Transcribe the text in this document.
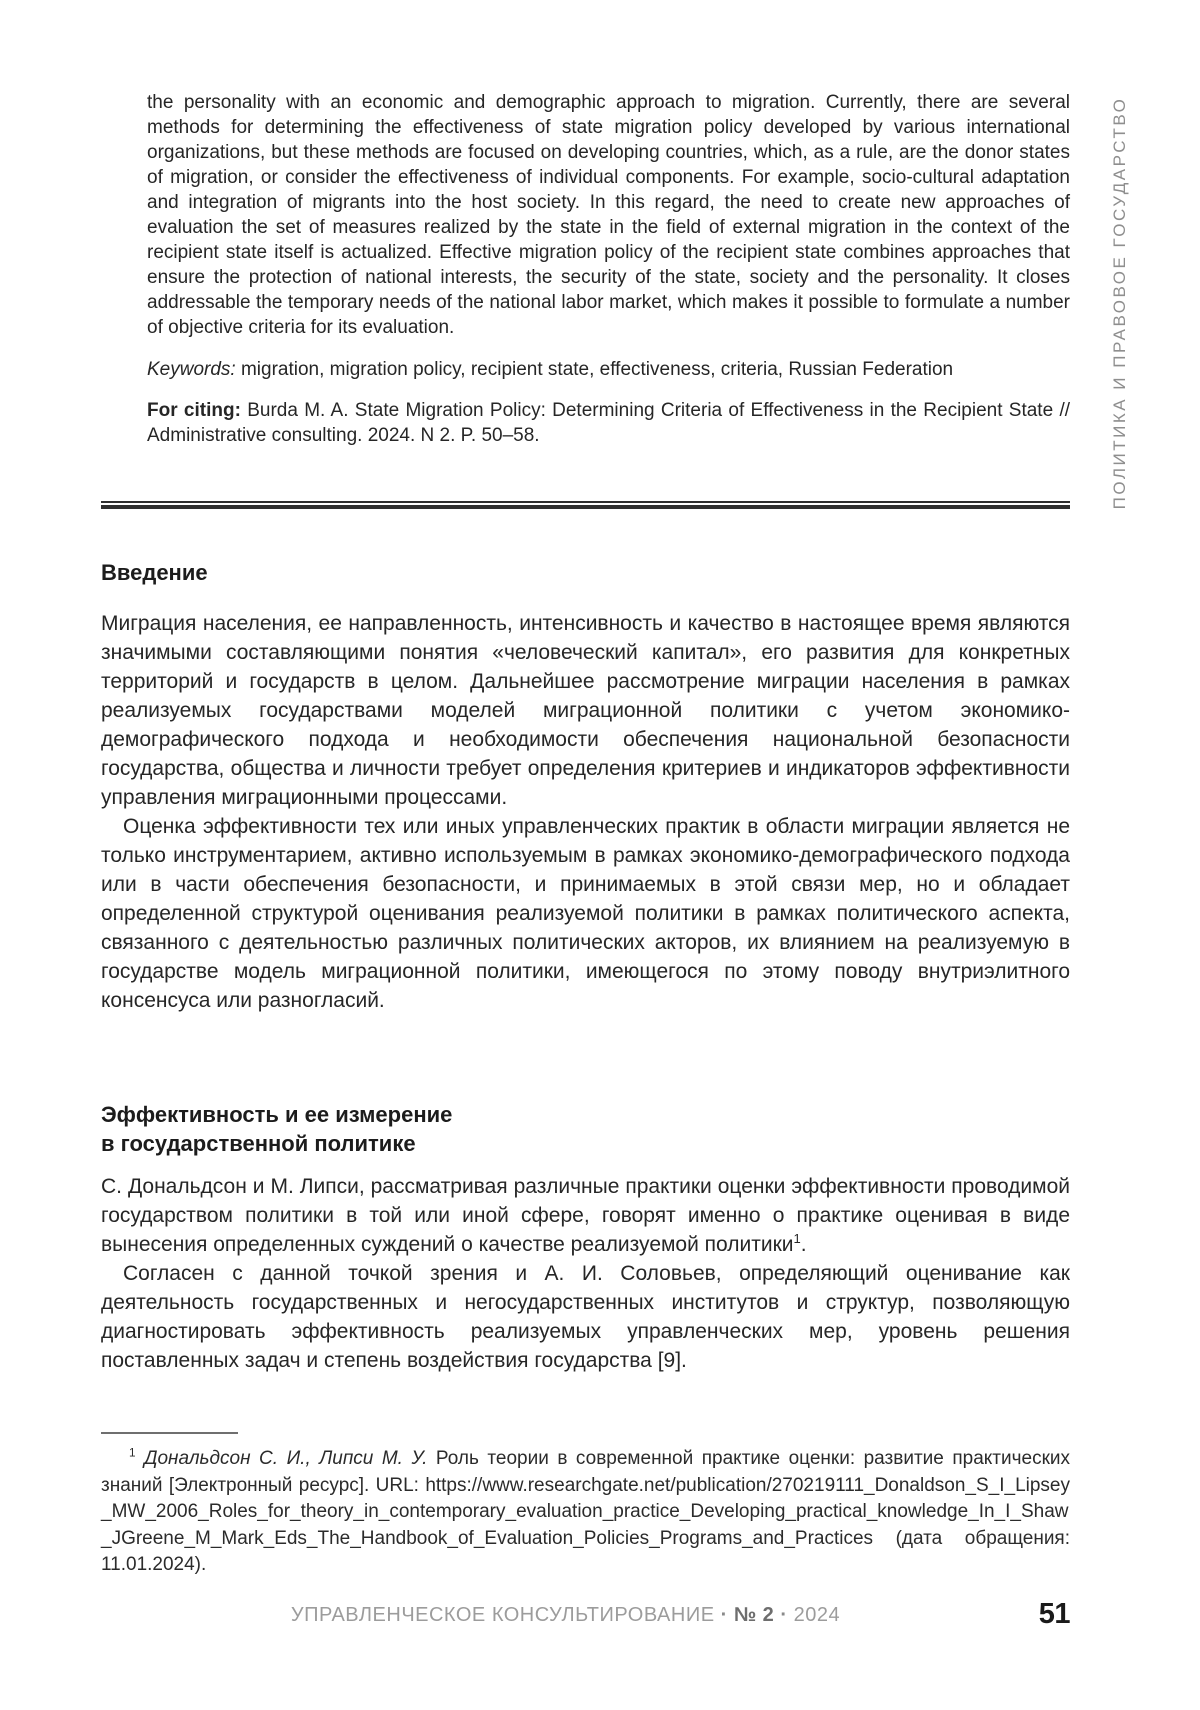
ПОЛИТИКА И ПРАВОВОЕ ГОСУДАРСТВО

the personality with an economic and demographic approach to migration. Currently, there are several methods for determining the effectiveness of state migration policy developed by various international organizations, but these methods are focused on developing countries, which, as a rule, are the donor states of migration, or consider the effectiveness of individual components. For example, socio-cultural adaptation and integration of migrants into the host society. In this regard, the need to create new approaches of evaluation the set of measures realized by the state in the field of external migration in the context of the recipient state itself is actualized. Effective migration policy of the recipient state combines approaches that ensure the protection of national interests, the security of the state, society and the personality. It closes addressable the temporary needs of the national labor market, which makes it possible to formulate a number of objective criteria for its evaluation.

Keywords: migration, migration policy, recipient state, effectiveness, criteria, Russian Federation

For citing: Burda M. A. State Migration Policy: Determining Criteria of Effectiveness in the Recipient State // Administrative consulting. 2024. N 2. P. 50–58.

Введение

Миграция населения, ее направленность, интенсивность и качество в настоящее время являются значимыми составляющими понятия «человеческий капитал», его развития для конкретных территорий и государств в целом. Дальнейшее рассмотрение миграции населения в рамках реализуемых государствами моделей миграционной политики с учетом экономико-демографического подхода и необходимости обеспечения национальной безопасности государства, общества и личности требует определения критериев и индикаторов эффективности управления миграционными процессами.

Оценка эффективности тех или иных управленческих практик в области миграции является не только инструментарием, активно используемым в рамках экономико-демографического подхода или в части обеспечения безопасности, и принимаемых в этой связи мер, но и обладает определенной структурой оценивания реализуемой политики в рамках политического аспекта, связанного с деятельностью различных политических акторов, их влиянием на реализуемую в государстве модель миграционной политики, имеющегося по этому поводу внутриэлитного консенсуса или разногласий.

Эффективность и ее измерение
в государственной политике

С. Дональдсон и М. Липси, рассматривая различные практики оценки эффективности проводимой государством политики в той или иной сфере, говорят именно о практике оценивая в виде вынесения определенных суждений о качестве реализуемой политики$^1$.

Согласен с данной точкой зрения и А. И. Соловьев, определяющий оценивание как деятельность государственных и негосударственных институтов и структур, позволяющую диагностировать эффективность реализуемых управленческих мер, уровень решения поставленных задач и степень воздействия государства [9].

$^1$ Дональдсон С. И., Липси М. У. Роль теории в современной практике оценки: развитие практических знаний [Электронный ресурс]. URL: https://www.researchgate.net/publication/270219111_Donaldson_S_I_Lipsey_MW_2006_Roles_for_theory_in_contemporary_evaluation_practice_Developing_practical_knowledge_In_I_Shaw_JGreene_M_Mark_Eds_The_Handbook_of_Evaluation_Policies_Programs_and_Practices (дата обращения: 11.01.2024).
УПРАВЛЕНЧЕСКОЕ КОНСУЛЬТИРОВАНИЕ · № 2 · 2024	51
